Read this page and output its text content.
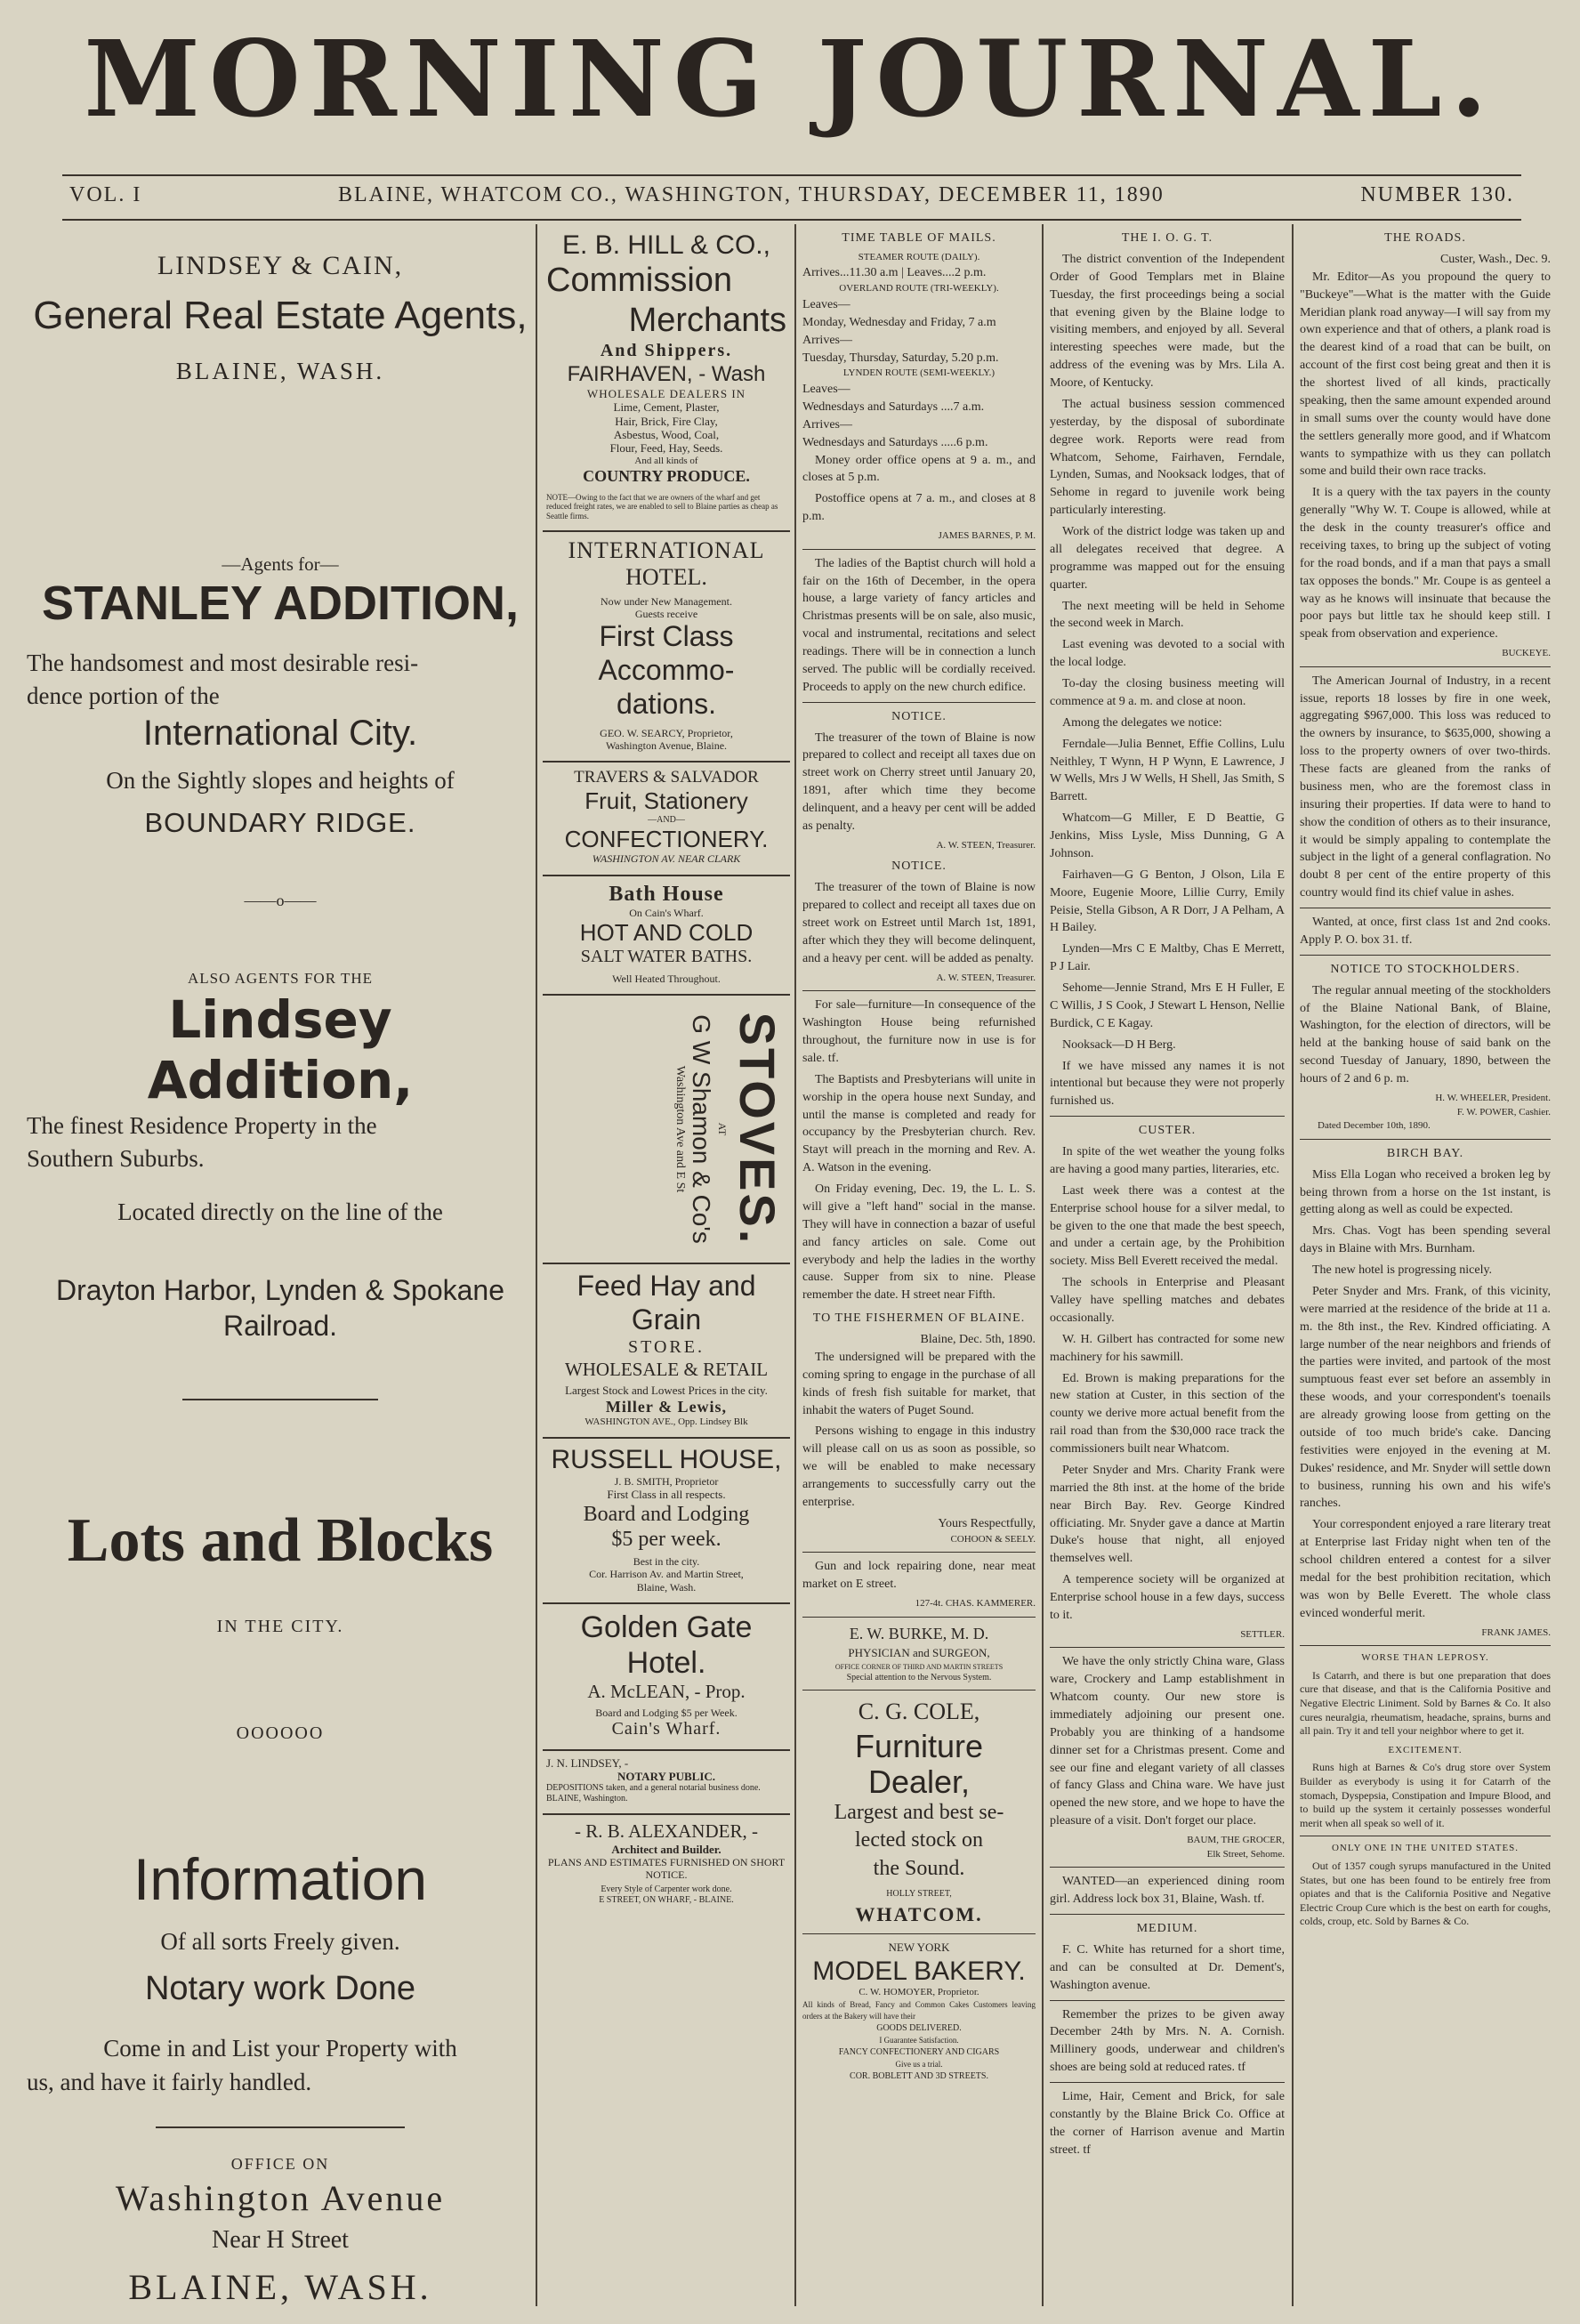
MORNING JOURNAL.
VOL. I	BLAINE, WHATCOM CO., WASHINGTON, THURSDAY, DECEMBER 11, 1890	NUMBER 130.
LINDSEY & CAIN,
General Real Estate Agents,
BLAINE, WASH.
—Agents for—
STANLEY ADDITION,
The handsomest and most desirable resi-
dence portion of the
International City.
On the Sightly slopes and heights of
BOUNDARY RIDGE.
——o——
ALSO AGENTS FOR THE
Lindsey Addition,
The finest Residence Property in the
Southern Suburbs.
Located directly on the line of the
Drayton Harbor, Lynden & Spokane
Railroad.
Lots and Blocks
IN THE CITY.
OOOOOO
Information
Of all sorts Freely given.
Notary work Done
Come in and List your Property with
us, and have it fairly handled.
OFFICE ON
Washington Avenue
Near H Street
BLAINE, WASH.
E. B. HILL & CO.,
Commission
Merchants
And Shippers.
FAIRHAVEN, - Wash
WHOLESALE DEALERS IN
Lime, Cement, Plaster,
Hair, Brick, Fire Clay,
Asbestus, Wood, Coal,
Flour, Feed, Hay, Seeds.
And all kinds of
COUNTRY PRODUCE.
NOTE—Owing to the fact that we are owners of the wharf and get reduced freight rates, we are enabled to sell to Blaine parties as cheap as Seattle firms.
INTERNATIONAL
HOTEL.
Now under New Management.
Guests receive
First Class Accommo-
dations.
GEO. W. SEARCY, Proprietor,
Washington Avenue, Blaine.
TRAVERS & SALVADOR
Fruit, Stationery
—AND—
CONFECTIONERY.
WASHINGTON AV. NEAR CLARK
Bath House
On Cain's Wharf.
HOT AND COLD
SALT WATER BATHS.
Well Heated Throughout.
STOVES.
AT
G W Shamon & Co's
Washington Ave and E St
Feed Hay and Grain
STORE.
WHOLESALE & RETAIL
Largest Stock and Lowest Prices in the city.
Miller & Lewis,
WASHINGTON AVE., Opp. Lindsey Blk
RUSSELL HOUSE,
J. B. SMITH, Proprietor
First Class in all respects.
Board and Lodging
$5 per week.
Best in the city.
Cor. Harrison Av. and Martin Street,
Blaine, Wash.
Golden Gate Hotel.
A. McLEAN, - Prop.
Board and Lodging $5 per Week.
Cain's Wharf.
J. N. LINDSEY, -
NOTARY PUBLIC.
DEPOSITIONS taken, and a general notarial business done. BLAINE, Washington.
- R. B. ALEXANDER, -
Architect and Builder.
PLANS AND ESTIMATES FURNISHED ON SHORT NOTICE.
Every Style of Carpenter work done.
E STREET, ON WHARF, - BLAINE.
TIME TABLE OF MAILS.
STEAMER ROUTE (DAILY).
Arrives...11.30 a.m | Leaves....2 p.m.
OVERLAND ROUTE (TRI-WEEKLY).
Leaves—
Monday, Wednesday and Friday, 7 a.m
Arrives—
Tuesday, Thursday, Saturday, 5.20 p.m.
LYNDEN ROUTE (SEMI-WEEKLY.)
Leaves—
Wednesdays and Saturdays ....7 a.m.
Arrives—
Wednesdays and Saturdays .....6 p.m.

Money order office opens at 9 a. m., and closes at 5 p.m.

Postoffice opens at 7 a. m., and closes at 8 p.m.

JAMES BARNES, P. M.

The ladies of the Baptist church will hold a fair on the 16th of December, in the opera house, a large variety of fancy articles and Christmas presents will be on sale, also music, vocal and instrumental, recitations and select readings. There will be in connection a lunch served. The public will be cordially received. Proceeds to apply on the new church edifice.

NOTICE.

The treasurer of the town of Blaine is now prepared to collect and receipt all taxes due on street work on Cherry street until January 20, 1891, after which time they become delinquent, and a heavy per cent will be added as penalty.

A. W. STEEN, Treasurer.
NOTICE.

The treasurer of the town of Blaine is now prepared to collect and receipt all taxes due on street work on Estreet until March 1st, 1891, after which they they will become delinquent, and a heavy per cent. will be added as penalty.

A. W. STEEN, Treasurer.

For sale—furniture—In consequence of the Washington House being refurnished throughout, the furniture now in use is for sale. tf.

The Baptists and Presbyterians will unite in worship in the opera house next Sunday, and until the manse is completed and ready for occupancy by the Presbyterian church. Rev. Stayt will preach in the morning and Rev. A. A. Watson in the evening.

On Friday evening, Dec. 19, the L. L. S. will give a "left hand" social in the manse. They will have in connection a bazar of useful and fancy articles on sale. Come out everybody and help the ladies in the worthy cause. Supper from six to nine. Please remember the date. H street near Fifth.

TO THE FISHERMEN OF BLAINE.
Blaine, Dec. 5th, 1890.

The undersigned will be prepared with the coming spring to engage in the purchase of all kinds of fresh fish suitable for market, that inhabit the waters of Puget Sound.

Persons wishing to engage in this industry will please call on us as soon as possible, so we will be enabled to make necessary arrangements to successfully carry out the enterprise.

Yours Respectfully,
COHOON & SEELY.

Gun and lock repairing done, near meat market on E street.

127-4t. CHAS. KAMMERER.
E. W. BURKE, M. D.
PHYSICIAN and SURGEON,
OFFICE CORNER OF THIRD AND MARTIN STREETS
Special attention to the Nervous System.
C. G. COLE,
Furniture Dealer,
Largest and best se-
lected stock on
the Sound.
HOLLY STREET,
WHATCOM.
NEW YORK
MODEL BAKERY.
C. W. HOMOYER, Proprietor.
All kinds of Bread, Fancy and Common Cakes Customers leaving orders at the Bakery will have their
GOODS DELIVERED.
I Guarantee Satisfaction.
FANCY CONFECTIONERY AND CIGARS
Give us a trial.
COR. BOBLETT AND 3D STREETS.
THE I. O. G. T.

The district convention of the Independent Order of Good Templars met in Blaine Tuesday, the first proceedings being a social that evening given by the Blaine lodge to visiting members, and enjoyed by all. Several interesting speeches were made, but the address of the evening was by Mrs. Lila A. Moore, of Kentucky.

The actual business session commenced yesterday, by the disposal of subordinate degree work. Reports were read from Whatcom, Sehome, Fairhaven, Ferndale, Lynden, Sumas, and Nooksack lodges, that of Sehome in regard to juvenile work being particularly interesting.

Work of the district lodge was taken up and all delegates received that degree. A programme was mapped out for the ensuing quarter.

The next meeting will be held in Sehome the second week in March.

Last evening was devoted to a social with the local lodge.

To-day the closing business meeting will commence at 9 a. m. and close at noon.

Among the delegates we notice:

Ferndale—Julia Bennet, Effie Collins, Lulu Neithley, T Wynn, H P Wynn, E Lawrence, J W Wells, Mrs J W Wells, H Shell, Jas Smith, S Barrett.

Whatcom—G Miller, E D Beattie, G Jenkins, Miss Lysle, Miss Dunning, G A Johnson.

Fairhaven—G G Benton, J Olson, Lila E Moore, Eugenie Moore, Lillie Curry, Emily Peisie, Stella Gibson, A R Dorr, J A Pelham, A H Bailey.

Lynden—Mrs C E Maltby, Chas E Merrett, P J Lair.

Sehome—Jennie Strand, Mrs E H Fuller, E C Willis, J S Cook, J Stewart L Henson, Nellie Burdick, C E Kagay.

Nooksack—D H Berg.

If we have missed any names it is not intentional but because they were not properly furnished us.

CUSTER.

In spite of the wet weather the young folks are having a good many parties, literaries, etc.

Last week there was a contest at the Enterprise school house for a silver medal, to be given to the one that made the best speech, and under a certain age, by the Prohibition society. Miss Bell Everett received the medal.

The schools in Enterprise and Pleasant Valley have spelling matches and debates occasionally.

W. H. Gilbert has contracted for some new machinery for his sawmill.

Ed. Brown is making preparations for the new station at Custer, in this section of the county we derive more actual benefit from the rail road than from the $30,000 race track the commissioners built near Whatcom.

Peter Snyder and Mrs. Charity Frank were married the 8th inst. at the home of the bride near Birch Bay. Rev. George Kindred officiating. Mr. Snyder gave a dance at Martin Duke's house that night, all enjoyed themselves well.

A temperence society will be organized at Enterprise school house in a few days, success to it.

SETTLER.

We have the only strictly China ware, Glass ware, Crockery and Lamp establishment in Whatcom county. Our new store is immediately adjoining our present one. Probably you are thinking of a handsome dinner set for a Christmas present. Come and see our fine and elegant variety of all classes of fancy Glass and China ware. We have just opened the new store, and we hope to have the pleasure of a visit. Don't forget our place.

BAUM, THE GROCER,
Elk Street, Sehome.

WANTED—an experienced dining room girl. Address lock box 31, Blaine, Wash. tf.

MEDIUM.

F. C. White has returned for a short time, and can be consulted at Dr. Dement's, Washington avenue.

Remember the prizes to be given away December 24th by Mrs. N. A. Cornish. Millinery goods, underwear and children's shoes are being sold at reduced rates. tf

Lime, Hair, Cement and Brick, for sale constantly by the Blaine Brick Co. Office at the corner of Harrison avenue and Martin street. tf

THE ROADS.
Custer, Wash., Dec. 9.

Mr. Editor—As you propound the query to "Buckeye"—What is the matter with the Guide Meridian plank road anyway—I will say from my own experience and that of others, a plank road is the dearest kind of a road that can be built, on account of the first cost being great and then it is the shortest lived of all kinds, practically speaking, then the same amount expended around in small sums over the county would have done the settlers generally more good, and if Whatcom wants to sympathize with us they can pollatch some and build their own race tracks.

It is a query with the tax payers in the county generally "Why W. T. Coupe is allowed, while at the desk in the county treasurer's office and receiving taxes, to bring up the subject of voting for the road bonds, and if a man that pays a small tax opposes the bonds." Mr. Coupe is as genteel a way as he knows will insinuate that because the poor pays but little tax he should keep still. I speak from observation and experience.

BUCKEYE.

The American Journal of Industry, in a recent issue, reports 18 losses by fire in one week, aggregating $967,000. This loss was reduced to the owners by insurance, to $635,000, showing a loss to the property owners of over two-thirds. These facts are gleaned from the ranks of business men, who are the foremost class in insuring their properties. If data were to hand to show the condition of others as to their insurance, it would be simply appaling to contemplate the subject in the light of a general conflagration. No doubt 8 per cent of the entire property of this country would find its chief value in ashes.

Wanted, at once, first class 1st and 2nd cooks. Apply P. O. box 31. tf.

NOTICE TO STOCKHOLDERS.

The regular annual meeting of the stockholders of the Blaine National Bank, of Blaine, Washington, for the election of directors, will be held at the banking house of said bank on the second Tuesday of January, 1890, between the hours of 2 and 6 p. m.

H. W. WHEELER, President.
F. W. POWER, Cashier.
Dated December 10th, 1890.
BIRCH BAY.

Miss Ella Logan who received a broken leg by being thrown from a horse on the 1st instant, is getting along as well as could be expected.

Mrs. Chas. Vogt has been spending several days in Blaine with Mrs. Burnham.

The new hotel is progressing nicely.

Peter Snyder and Mrs. Frank, of this vicinity, were married at the residence of the bride at 11 a. m. the 8th inst., the Rev. Kindred officiating. A large number of the near neighbors and friends of the parties were invited, and partook of the most sumptuous feast ever set before an assembly in these woods, and your correspondent's toenails are already growing loose from getting on the outside of too much bride's cake. Dancing festivities were enjoyed in the evening at M. Dukes' residence, and Mr. Snyder will settle down to business, running his own and his wife's ranches.

Your correspondent enjoyed a rare literary treat at Enterprise last Friday night when ten of the school children entered a contest for a silver medal for the best prohibition recitation, which was won by Belle Everett. The whole class evinced wonderful merit.

FRANK JAMES.
WORSE THAN LEPROSY.

Is Catarrh, and there is but one preparation that does cure that disease, and that is the California Positive and Negative Electric Liniment. Sold by Barnes & Co. It also cures neuralgia, rheumatism, headache, sprains, burns and all pain. Try it and tell your neighbor where to get it.

EXCITEMENT.

Runs high at Barnes & Co's drug store over System Builder as everybody is using it for Catarrh of the stomach, Dyspepsia, Constipation and Impure Blood, and to build up the system it certainly possesses wonderful merit when all speak so well of it.

ONLY ONE IN THE UNITED STATES.

Out of 1357 cough syrups manufactured in the United States, but one has been found to be entirely free from opiates and that is the California Positive and Negative Electric Croup Cure which is the best on earth for coughs, colds, croup, etc. Sold by Barnes & Co.
